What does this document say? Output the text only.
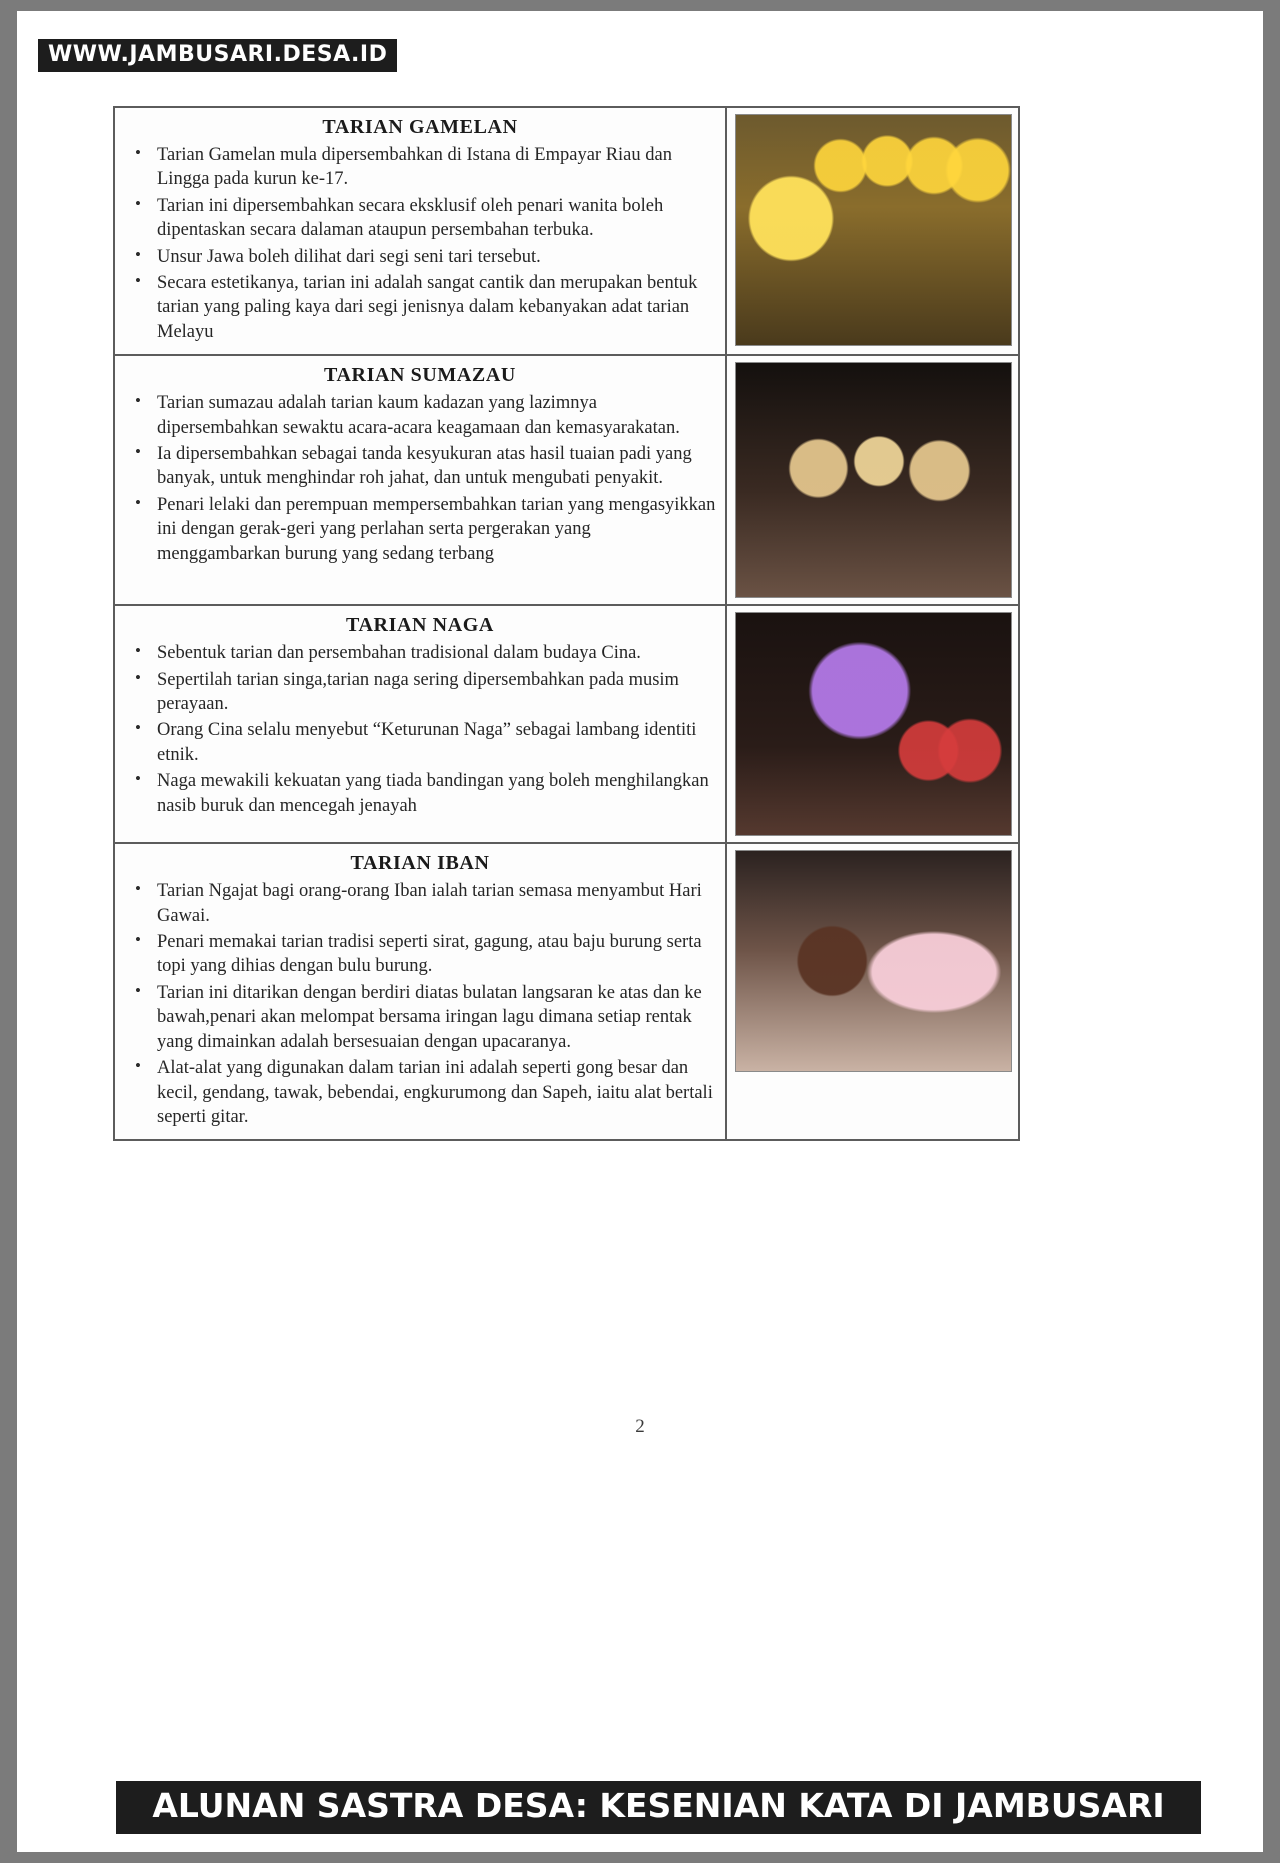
WWW.JAMBUSARI.DESA.ID
TARIAN GAMELAN
• Tarian Gamelan mula dipersembahkan di Istana di Empayar Riau dan Lingga pada kurun ke-17.
• Tarian ini dipersembahkan secara eksklusif oleh penari wanita boleh dipentaskan secara dalaman ataupun persembahan terbuka.
• Unsur Jawa boleh dilihat dari segi seni tari tersebut.
• Secara estetikanya, tarian ini adalah sangat cantik dan merupakan bentuk tarian yang paling kaya dari segi jenisnya dalam kebanyakan adat tarian Melayu
TARIAN SUMAZAU
• Tarian sumazau adalah tarian kaum kadazan yang lazimnya dipersembahkan sewaktu acara-acara keagamaan dan kemasyarakatan.
• Ia dipersembahkan sebagai tanda kesyukuran atas hasil tuaian padi yang banyak, untuk menghindar roh jahat, dan untuk mengubati penyakit.
• Penari lelaki dan perempuan mempersembahkan tarian yang mengasyikkan ini dengan gerak-geri yang perlahan serta pergerakan yang menggambarkan burung yang sedang terbang
TARIAN NAGA
• Sebentuk tarian dan persembahan tradisional dalam budaya Cina.
• Sepertilah tarian singa,tarian naga sering dipersembahkan pada musim perayaan.
• Orang Cina selalu menyebut “Keturunan Naga” sebagai lambang identiti etnik.
• Naga mewakili kekuatan yang tiada bandingan yang boleh menghilangkan nasib buruk dan mencegah jenayah
TARIAN IBAN
• Tarian Ngajat bagi orang-orang Iban ialah tarian semasa menyambut Hari Gawai.
• Penari memakai tarian tradisi seperti sirat, gagung, atau baju burung serta topi yang dihias dengan bulu burung.
• Tarian ini ditarikan dengan berdiri diatas bulatan langsaran ke atas dan ke bawah,penari akan melompat bersama iringan lagu dimana setiap rentak yang dimainkan adalah bersesuaian dengan upacaranya.
• Alat-alat yang digunakan dalam tarian ini adalah seperti gong besar dan kecil, gendang, tawak, bebendai, engkurumong dan Sapeh, iaitu alat bertali seperti gitar.
2
ALUNAN SASTRA DESA: KESENIAN KATA DI JAMBUSARI
